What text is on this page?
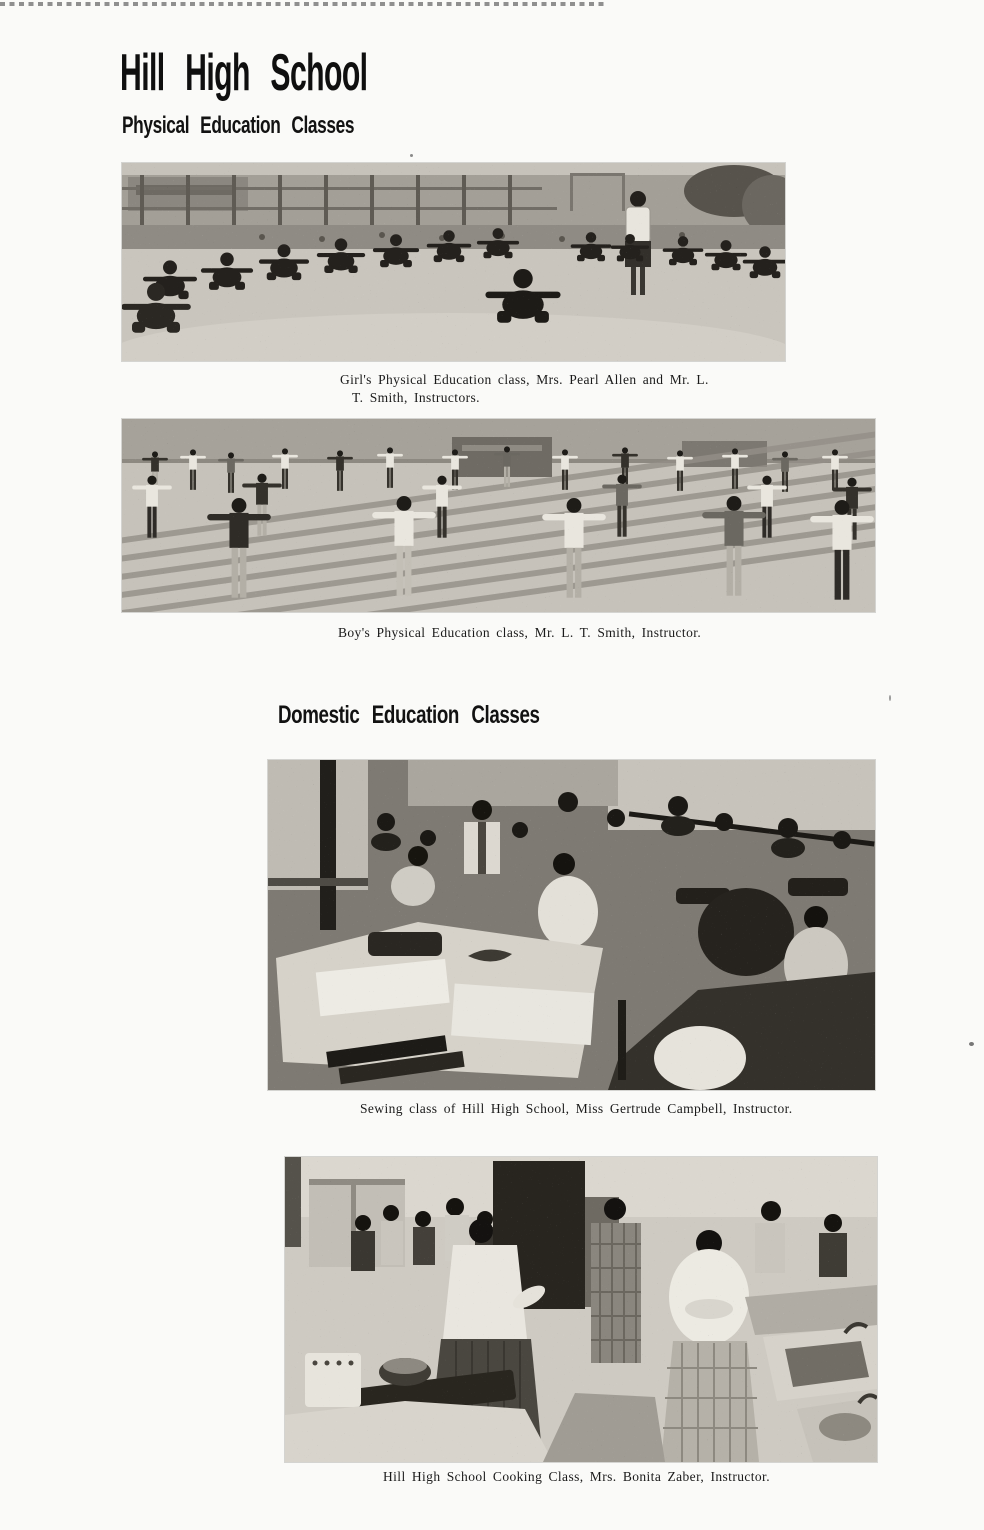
Hill High School
Physical Education Classes
Girl's Physical Education class, Mrs. Pearl Allen and Mr. L.
T. Smith, Instructors.
Boy's Physical Education class, Mr. L. T. Smith, Instructor.
Domestic Education Classes
Sewing class of Hill High School, Miss Gertrude Campbell, Instructor.
Hill High School Cooking Class, Mrs. Bonita Zaber, Instructor.
